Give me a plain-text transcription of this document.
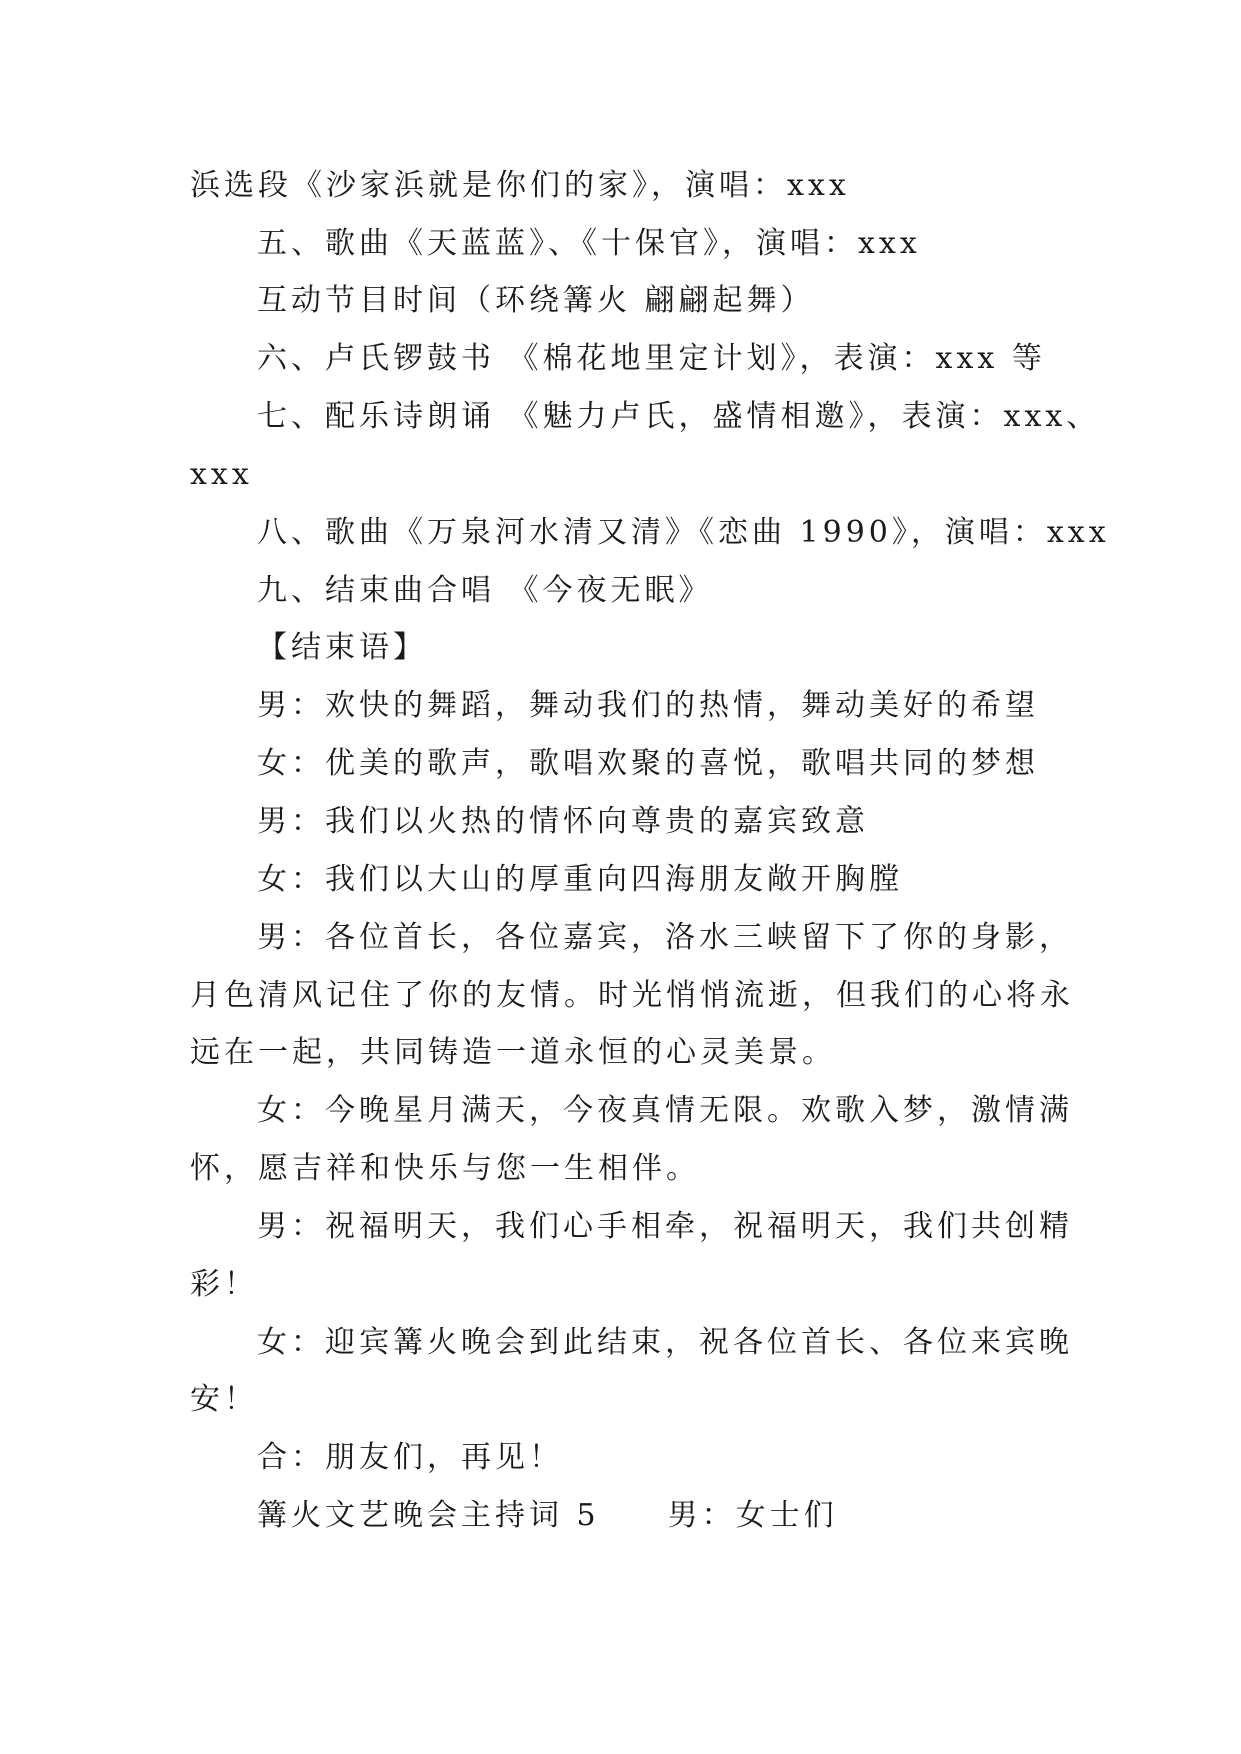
浜选段《沙家浜就是你们的家》，演唱：xxx
五、歌曲《天蓝蓝》、《十保官》，演唱：xxx
互动节目时间（环绕篝火 翩翩起舞）
六、卢氏锣鼓书 《棉花地里定计划》，表演：xxx 等
七、配乐诗朗诵 《魅力卢氏，盛情相邀》，表演：xxx、
xxx
八、歌曲《万泉河水清又清》《恋曲 1990》，演唱：xxx
九、结束曲合唱 《今夜无眠》
【结束语】
男：欢快的舞蹈，舞动我们的热情，舞动美好的希望
女：优美的歌声，歌唱欢聚的喜悦，歌唱共同的梦想
男：我们以火热的情怀向尊贵的嘉宾致意
女：我们以大山的厚重向四海朋友敞开胸膛
男：各位首长，各位嘉宾，洛水三峡留下了你的身影，
月色清风记住了你的友情。时光悄悄流逝，但我们的心将永
远在一起，共同铸造一道永恒的心灵美景。
女：今晚星月满天，今夜真情无限。欢歌入梦，激情满
怀，愿吉祥和快乐与您一生相伴。
男：祝福明天，我们心手相牵，祝福明天，我们共创精
彩！
女：迎宾篝火晚会到此结束，祝各位首长、各位来宾晚
安！
合：朋友们，再见！
篝火文艺晚会主持词 5　　男：女士们
